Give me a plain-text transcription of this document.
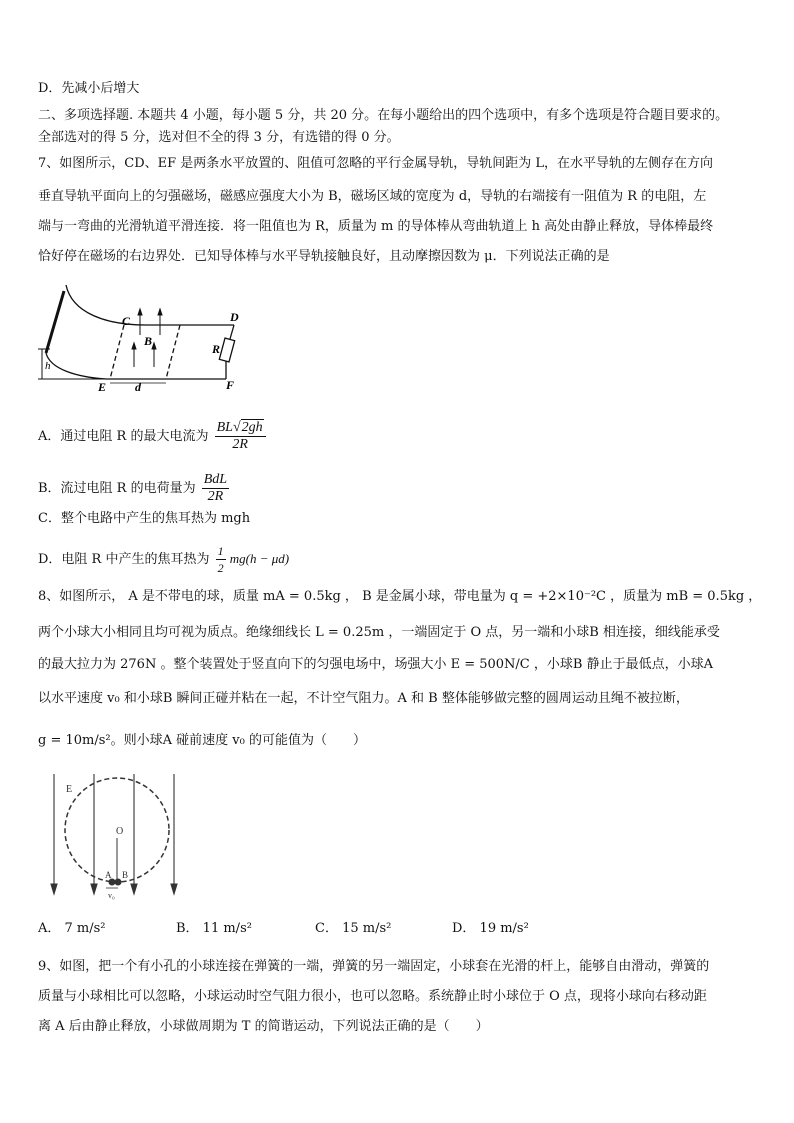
D．先减小后增大
二、多项选择题. 本题共 4 小题，每小题 5 分，共 20 分。在每小题给出的四个选项中，有多个选项是符合题目要求的。
全部选对的得 5 分，选对但不全的得 3 分，有选错的得 0 分。
7、如图所示，CD、EF 是两条水平放置的、阻值可忽略的平行金属导轨，导轨间距为 L，在水平导轨的左侧存在方向
垂直导轨平面向上的匀强磁场，磁感应强度大小为 B，磁场区域的宽度为 d，导轨的右端接有一阻值为 R 的电阻，左
端与一弯曲的光滑轨道平滑连接．将一阻值也为 R，质量为 m 的导体棒从弯曲轨道上 h 高处由静止释放，导体棒最终
恰好停在磁场的右边界处．已知导体棒与水平导轨接触良好，且动摩擦因数为 μ．下列说法正确的是
C	D
B
R
h
E d	F
A．通过电阻 R 的最大电流为 $\frac{BL√2gh}{2R}$
B．流过电阻 R 的电荷量为 $\frac{\text{BdL}}{2R}$
C．整个电路中产生的焦耳热为 mgh
D．电阻 R 中产生的焦耳热为 $\frac{1}{2} mg(h - \mu d)$
8、如图所示， A 是不带电的球，质量 mA = 0.5kg ， B 是金属小球，带电量为 q = +2×10⁻²C ，质量为 mB = 0.5kg ，
两个小球大小相同且均可视为质点。绝缘细线长 L = 0.25m ，一端固定于 O 点，另一端和小球B 相连接，细线能承受
的最大拉力为 276N 。整个装置处于竖直向下的匀强电场中，场强大小 E = 500N/C ，小球B 静止于最低点，小球A
以水平速度 v₀ 和小球B 瞬间正碰并粘在一起，不计空气阻力。A 和 B 整体能够做完整的圆周运动且绳不被拉断，
g = 10m/s²。则小球A 碰前速度 v₀ 的可能值为（　　）
E
O
A B
v₀
A． 7 m/s²	B． 11 m/s²	C． 15 m/s²	D． 19 m/s²
9、如图，把一个有小孔的小球连接在弹簧的一端，弹簧的另一端固定，小球套在光滑的杆上，能够自由滑动，弹簧的
质量与小球相比可以忽略，小球运动时空气阻力很小，也可以忽略。系统静止时小球位于 O 点，现将小球向右移动距
离 A 后由静止释放，小球做周期为 T 的简谐运动，下列说法正确的是（　　）
